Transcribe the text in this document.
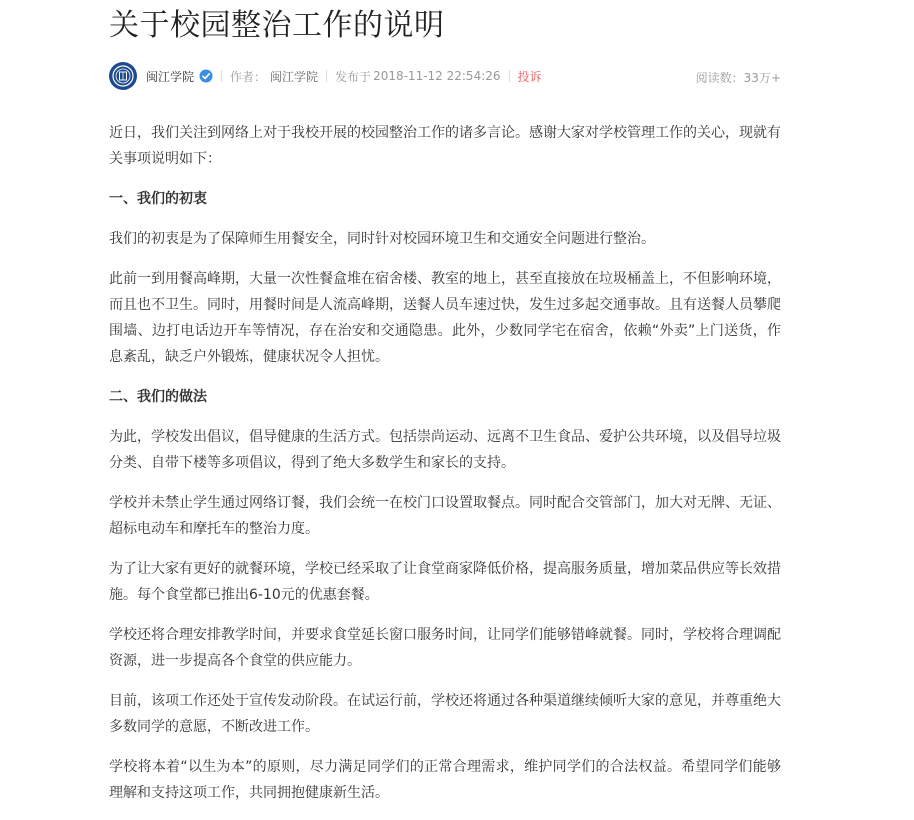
关于校园整治工作的说明
闽江学院	作者： 闽江学院 发布于 2018-11-12 22:54:26 投诉	阅读数：33万+

近日，我们关注到网络上对于我校开展的校园整治工作的诸多言论。感谢大家对学校管理工作的关心，现就有关事项说明如下：

一、我们的初衷

我们的初衷是为了保障师生用餐安全，同时针对校园环境卫生和交通安全问题进行整治。

此前一到用餐高峰期，大量一次性餐盒堆在宿舍楼、教室的地上，甚至直接放在垃圾桶盖上，不但影响环境，而且也不卫生。同时，用餐时间是人流高峰期，送餐人员车速过快，发生过多起交通事故。且有送餐人员攀爬围墙、边打电话边开车等情况，存在治安和交通隐患。此外，少数同学宅在宿舍，依赖“外卖”上门送货，作息紊乱，缺乏户外锻炼，健康状况令人担忧。

二、我们的做法

为此，学校发出倡议，倡导健康的生活方式。包括崇尚运动、远离不卫生食品、爱护公共环境，以及倡导垃圾分类、自带下楼等多项倡议，得到了绝大多数学生和家长的支持。

学校并未禁止学生通过网络订餐，我们会统一在校门口设置取餐点。同时配合交管部门，加大对无牌、无证、超标电动车和摩托车的整治力度。

为了让大家有更好的就餐环境，学校已经采取了让食堂商家降低价格，提高服务质量，增加菜品供应等长效措施。每个食堂都已推出6-10元的优惠套餐。

学校还将合理安排教学时间，并要求食堂延长窗口服务时间，让同学们能够错峰就餐。同时，学校将合理调配资源，进一步提高各个食堂的供应能力。

目前，该项工作还处于宣传发动阶段。在试运行前，学校还将通过各种渠道继续倾听大家的意见，并尊重绝大多数同学的意愿，不断改进工作。

学校将本着“以生为本”的原则，尽力满足同学们的正常合理需求，维护同学们的合法权益。希望同学们能够理解和支持这项工作，共同拥抱健康新生活。
